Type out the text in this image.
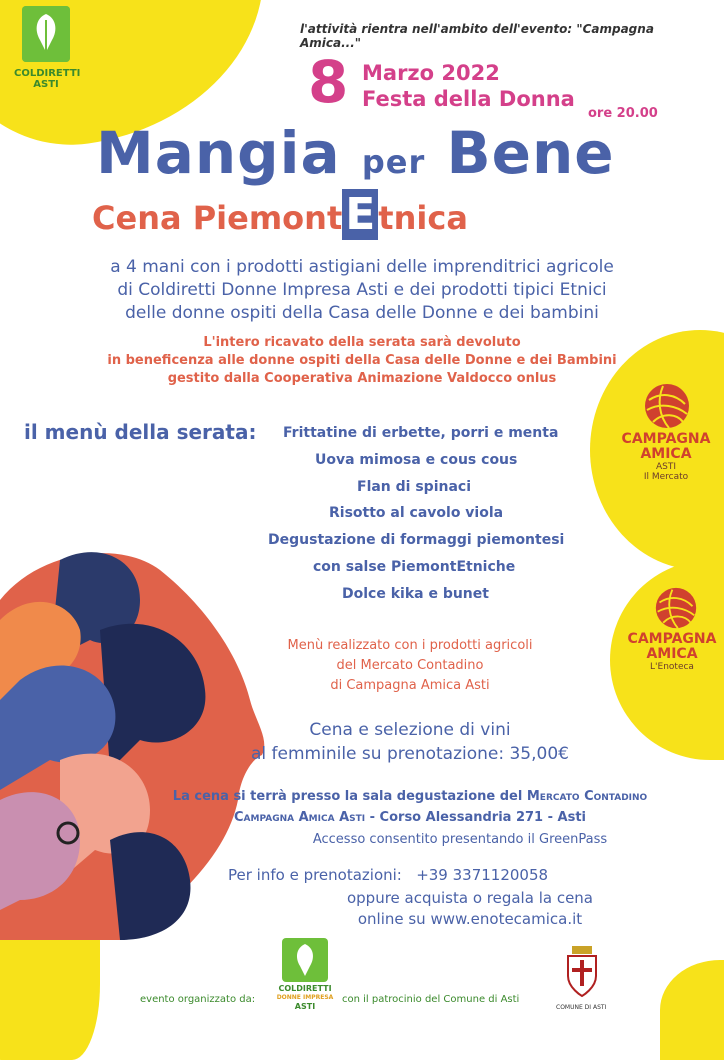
COLDIRETTI
ASTI
l'attività rientra nell'ambito dell'evento: "Campagna Amica..."
8 Marzo 2022
Festa della Donna
ore 20.00
Mangia per Bene
Cena PiemontEtnica
a 4 mani con i prodotti astigiani delle imprenditrici agricole
di Coldiretti Donne Impresa Asti e dei prodotti tipici Etnici
delle donne ospiti della Casa delle Donne e dei bambini
L'intero ricavato della serata sarà devoluto
in beneficenza alle donne ospiti della Casa delle Donne e dei Bambini
gestito dalla Cooperativa Animazione Valdocco onlus
il menù della serata: Frittatine di erbette, porri e menta
Uova mimosa e cous cous
Flan di spinaci
Risotto al cavolo viola
Degustazione di formaggi piemontesi
con salse PiemontEtniche
Dolce kika e bunet
CAMPAGNA
AMICA
ASTI
Il Mercato
CAMPAGNA
AMICA
L'Enoteca
Menù realizzato con i prodotti agricoli
del Mercato Contadino
di Campagna Amica Asti
Cena e selezione di vini
al femminile su prenotazione: 35,00€
La cena si terrà presso la sala degustazione del Mercato Contadino
Campagna Amica Asti - Corso Alessandria 271 - Asti
Accesso consentito presentando il GreenPass
Per info e prenotazioni: +39 3371120058
oppure acquista o regala la cena
online su www.enotecamica.it
evento organizzato da:
COLDIRETTI
DONNE IMPRESA
ASTI
con il patrocinio del Comune di Asti
COMUNE DI ASTI
